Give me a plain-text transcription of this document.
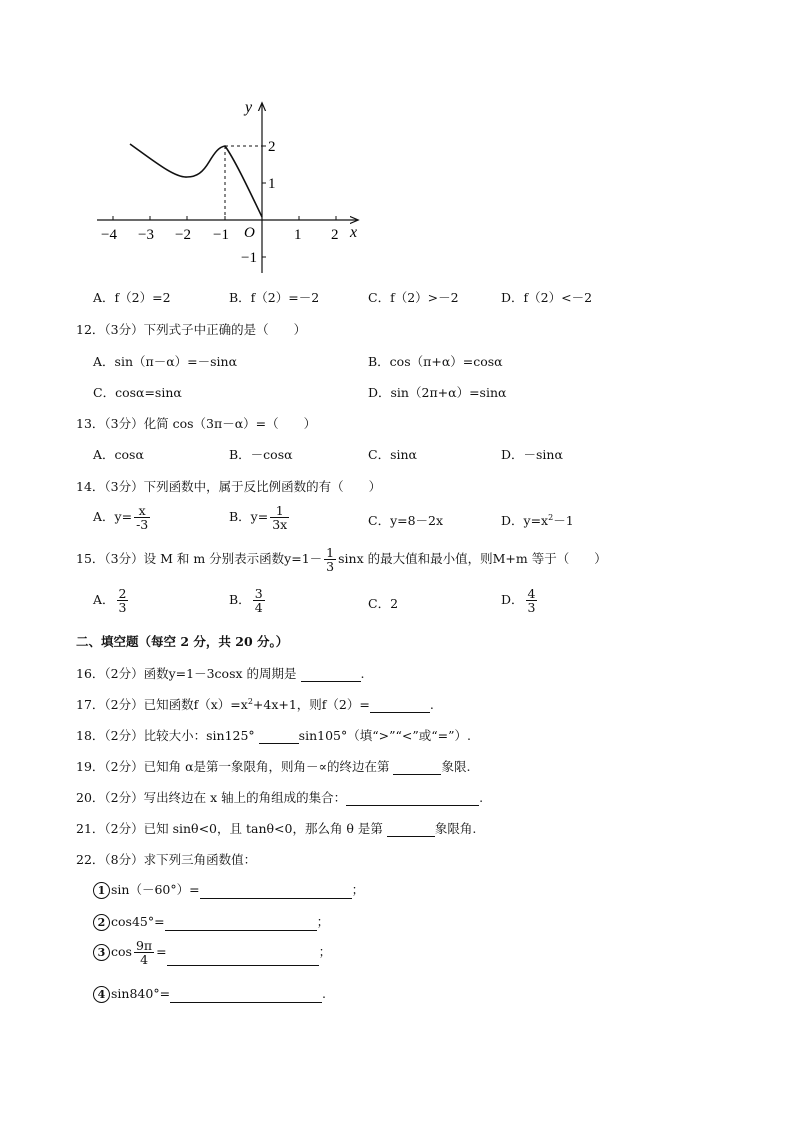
y
x
O
−4 −3 −2 −1	1 2
2
1
−1
A．f（2）=2	B．f（2）=－2	C．f（2）>－2	D．f（2）<－2
12．（3分）下列式子中正确的是（　　）
A．sin（π－α）=－sinα	B．cos（π+α）=cosα
C．cosα=sinα	D．sin（2π+α）=sinα
13．（3分）化简 cos（3π－α）=（　　）
A．cosα	B．－cosα	C．sinα	D．－sinα
14．（3分）下列函数中，属于反比例函数的有（　　）
A．$y= \frac{x}{-3}$	B．$y= \frac{1}{3x}$	C．y=8－2x	D．$y=x^2-1$
15．（3分）设 M 和 m 分别表示函数$y=1- \frac{1}{3}$ sinx 的最大值和最小值，则M+m 等于（　　）
A． $\frac{2}{3}$	B． $\frac{3}{4}$	C．2	D． $\frac{4}{3}$
二、填空题（每空 2 分，共 20 分。）
16．（2分）函数y=1－3cosx 的周期是	.
17．（2分）已知函数$f(x)=x^2+4x+1$，则f（2）=	.
18．（2分）比较大小：sin125°	sin105°（填“>”“<”或“=”）.
19．（2分）已知角 α是第一象限角，则角－∝的终边在第	象限.
20．（2分）写出终边在 x 轴上的角组成的集合：	.
21．（2分）已知 sinθ<0，且 tanθ<0，那么角 θ 是第	象限角.
22．（8分）求下列三角函数值：
1 sin（－60°）=	；
2 cos45°=	；
3 $\cos \frac{9\pi}{4}$ =	；
4 sin840°=	.
